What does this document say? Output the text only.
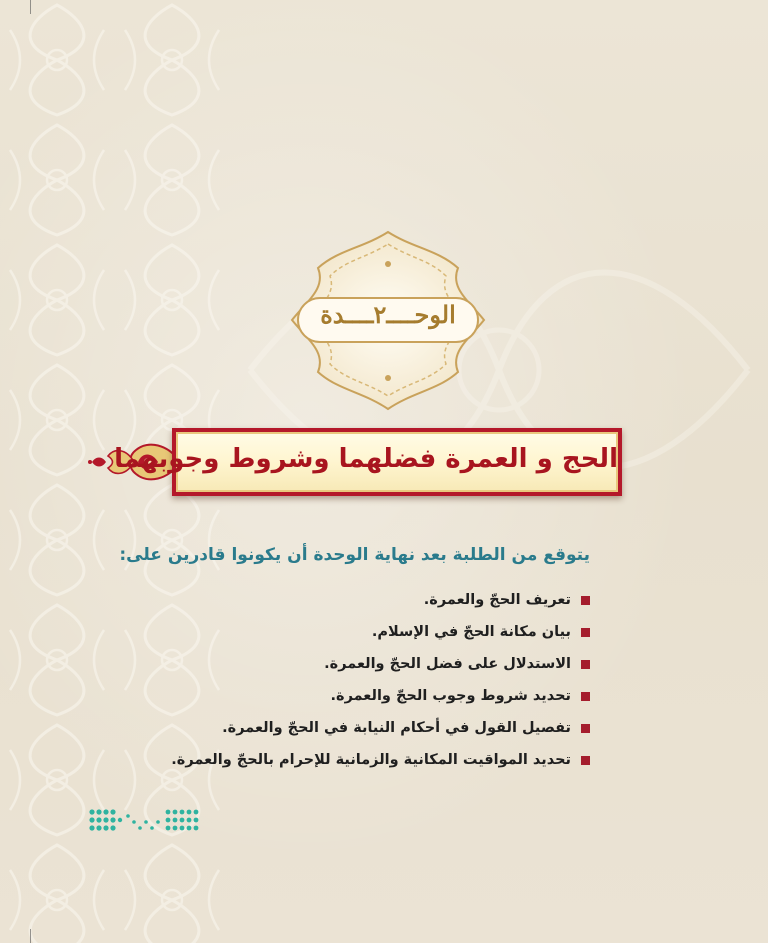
الوحــــ٢ــــدة
الحج و العمرة فضلهما وشروط وجوبهما
يتوقع من الطلبة بعد نهاية الوحدة أن يكونوا قادرين على:
تعريف الحجّ والعمرة.
بيان مكانة الحجّ في الإسلام.
الاستدلال على فضل الحجّ والعمرة.
تحديد شروط وجوب الحجّ والعمرة.
تفصيل القول في أحكام النيابة في الحجّ والعمرة.
تحديد المواقيت المكانية والزمانية للإحرام بالحجّ والعمرة.
